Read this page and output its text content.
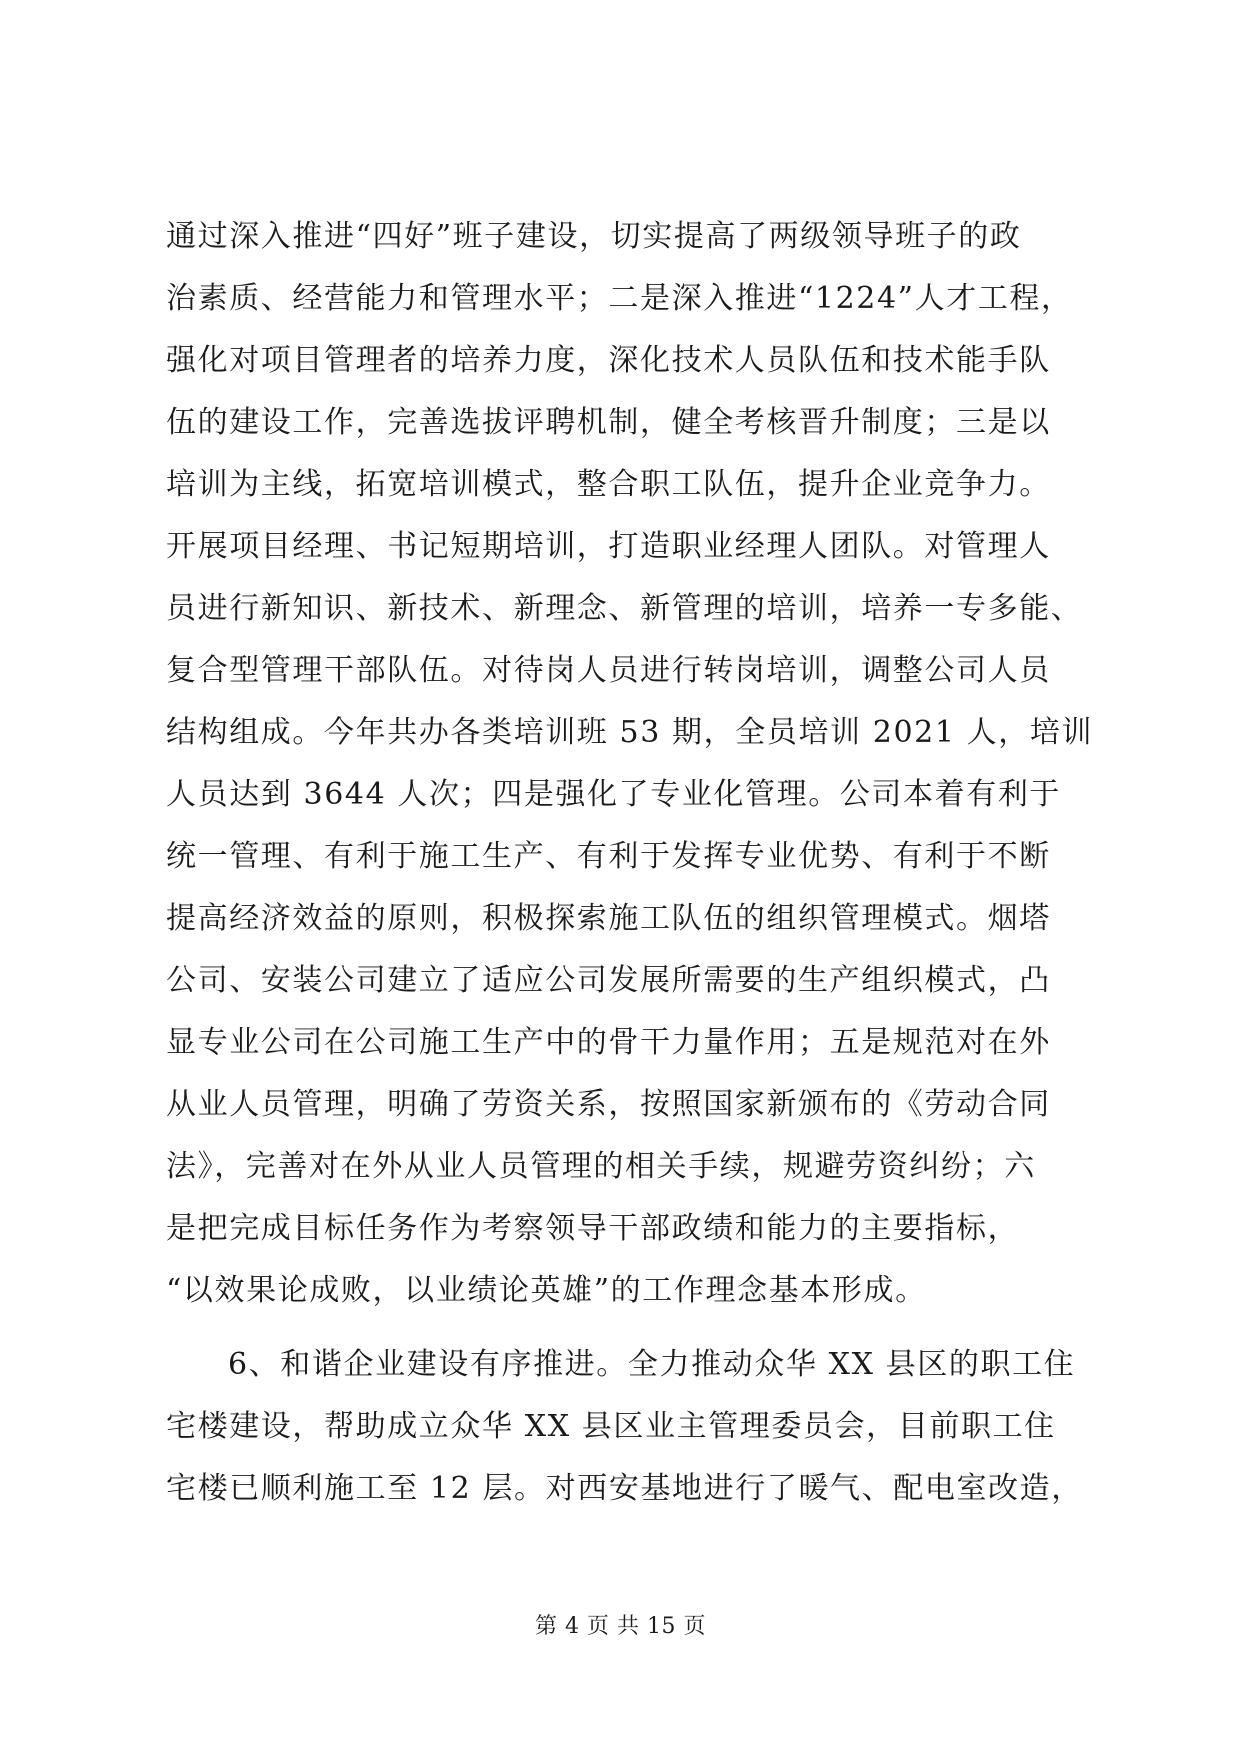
通过深入推进“四好”班子建设，切实提高了两级领导班子的政
治素质、经营能力和管理水平；二是深入推进“1224”人才工程，
强化对项目管理者的培养力度，深化技术人员队伍和技术能手队
伍的建设工作，完善选拔评聘机制，健全考核晋升制度；三是以
培训为主线，拓宽培训模式，整合职工队伍，提升企业竞争力。
开展项目经理、书记短期培训，打造职业经理人团队。对管理人
员进行新知识、新技术、新理念、新管理的培训，培养一专多能、
复合型管理干部队伍。对待岗人员进行转岗培训，调整公司人员
结构组成。今年共办各类培训班 53 期，全员培训 2021 人，培训
人员达到 3644 人次；四是强化了专业化管理。公司本着有利于
统一管理、有利于施工生产、有利于发挥专业优势、有利于不断
提高经济效益的原则，积极探索施工队伍的组织管理模式。烟塔
公司、安装公司建立了适应公司发展所需要的生产组织模式，凸
显专业公司在公司施工生产中的骨干力量作用；五是规范对在外
从业人员管理，明确了劳资关系，按照国家新颁布的《劳动合同
法》，完善对在外从业人员管理的相关手续，规避劳资纠纷；六
是把完成目标任务作为考察领导干部政绩和能力的主要指标，
“以效果论成败，以业绩论英雄”的工作理念基本形成。
6、和谐企业建设有序推进。全力推动众华 XX 县区的职工住
宅楼建设，帮助成立众华 XX 县区业主管理委员会，目前职工住
宅楼已顺利施工至 12 层。对西安基地进行了暖气、配电室改造，
第 4 页 共 15 页
